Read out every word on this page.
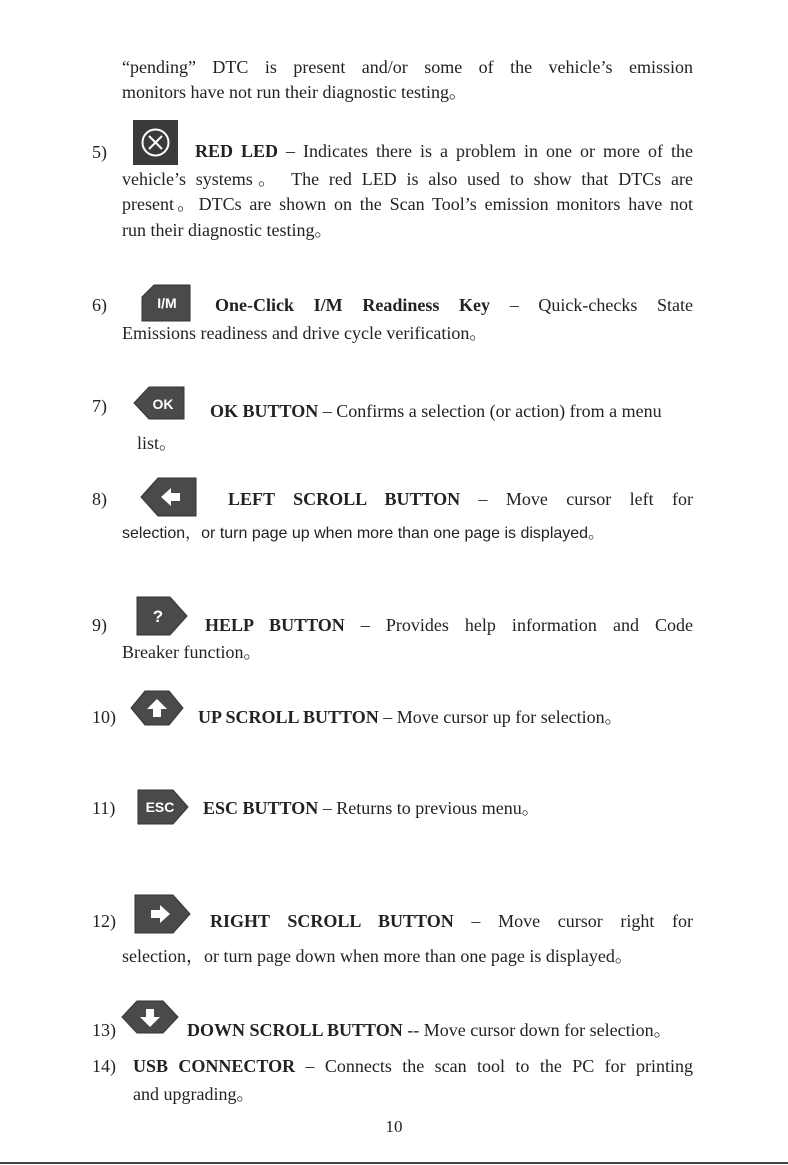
“pending” DTC is present and/or some of the vehicle’s emission
monitors have not run their diagnostic testing。
5)	RED LED – Indicates there is a problem in one or more of the
vehicle’s systems。 The red LED is also used to show that DTCs are
present。DTCs are shown on the Scan Tool’s emission monitors have not
run their diagnostic testing。
6)	I/M One-Click I/M Readiness Key – Quick-checks State
Emissions readiness and drive cycle verification。
7)	OK OK BUTTON – Confirms a selection (or action) from a menu
list。
8)	LEFT SCROLL BUTTON – Move cursor left for
selection，or turn page up when more than one page is displayed。
9)	? HELP BUTTON – Provides help information and Code
Breaker function。
10)	UP SCROLL BUTTON – Move cursor up for selection。
11) ESC ESC BUTTON – Returns to previous menu。
12)	RIGHT SCROLL BUTTON – Move cursor right for
selection，or turn page down when more than one page is displayed。
13)	DOWN SCROLL BUTTON -- Move cursor down for selection。
14) USB CONNECTOR – Connects the scan tool to the PC for printing
and upgrading。
10
